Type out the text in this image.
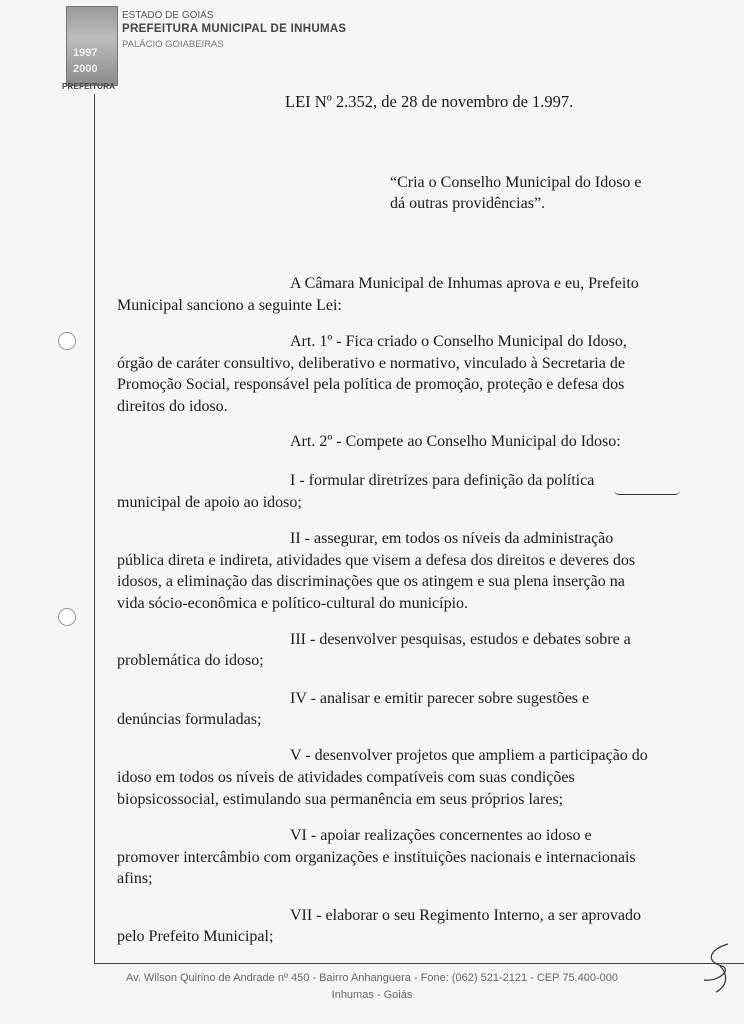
1997
2000
PREFEITURA
ESTADO DE GOIÁS
PREFEITURA MUNICIPAL DE INHUMAS
PALÁCIO GOIABEIRAS
LEI Nº 2.352, de 28 de novembro de 1.997.
“Cria o Conselho Municipal do Idoso e
dá outras providências”.
A Câmara Municipal de Inhumas aprova e eu, Prefeito
Municipal sanciono a seguinte Lei:
Art. 1º - Fica criado o Conselho Municipal do Idoso,
órgão de caráter consultivo, deliberativo e normativo, vinculado à Secretaria de
Promoção Social, responsável pela política de promoção, proteção e defesa dos
direitos do idoso.
Art. 2º - Compete ao Conselho Municipal do Idoso:
I - formular diretrizes para definição da política
municipal de apoio ao idoso;
II - assegurar, em todos os níveis da administração
pública direta e indireta, atividades que visem a defesa dos direitos e deveres dos
idosos, a eliminação das discriminações que os atingem e sua plena inserção na
vida sócio-econômica e político-cultural do município.
III - desenvolver pesquisas, estudos e debates sobre a
problemática do idoso;
IV - analisar e emitir parecer sobre sugestões e
denúncias formuladas;
V - desenvolver projetos que ampliem a participação do
idoso em todos os níveis de atividades compatíveis com suas condições
biopsicossocial, estimulando sua permanência em seus próprios lares;
VI - apoiar realizações concernentes ao idoso e
promover intercâmbio com organizações e instituições nacionais e internacionais
afins;
VII - elaborar o seu Regimento Interno, a ser aprovado
pelo Prefeito Municipal;
Av. Wilson Quirino de Andrade nº 450 - Bairro Anhanguera - Fone: (062) 521-2121 - CEP 75.400-000
Inhumas - Goiás
